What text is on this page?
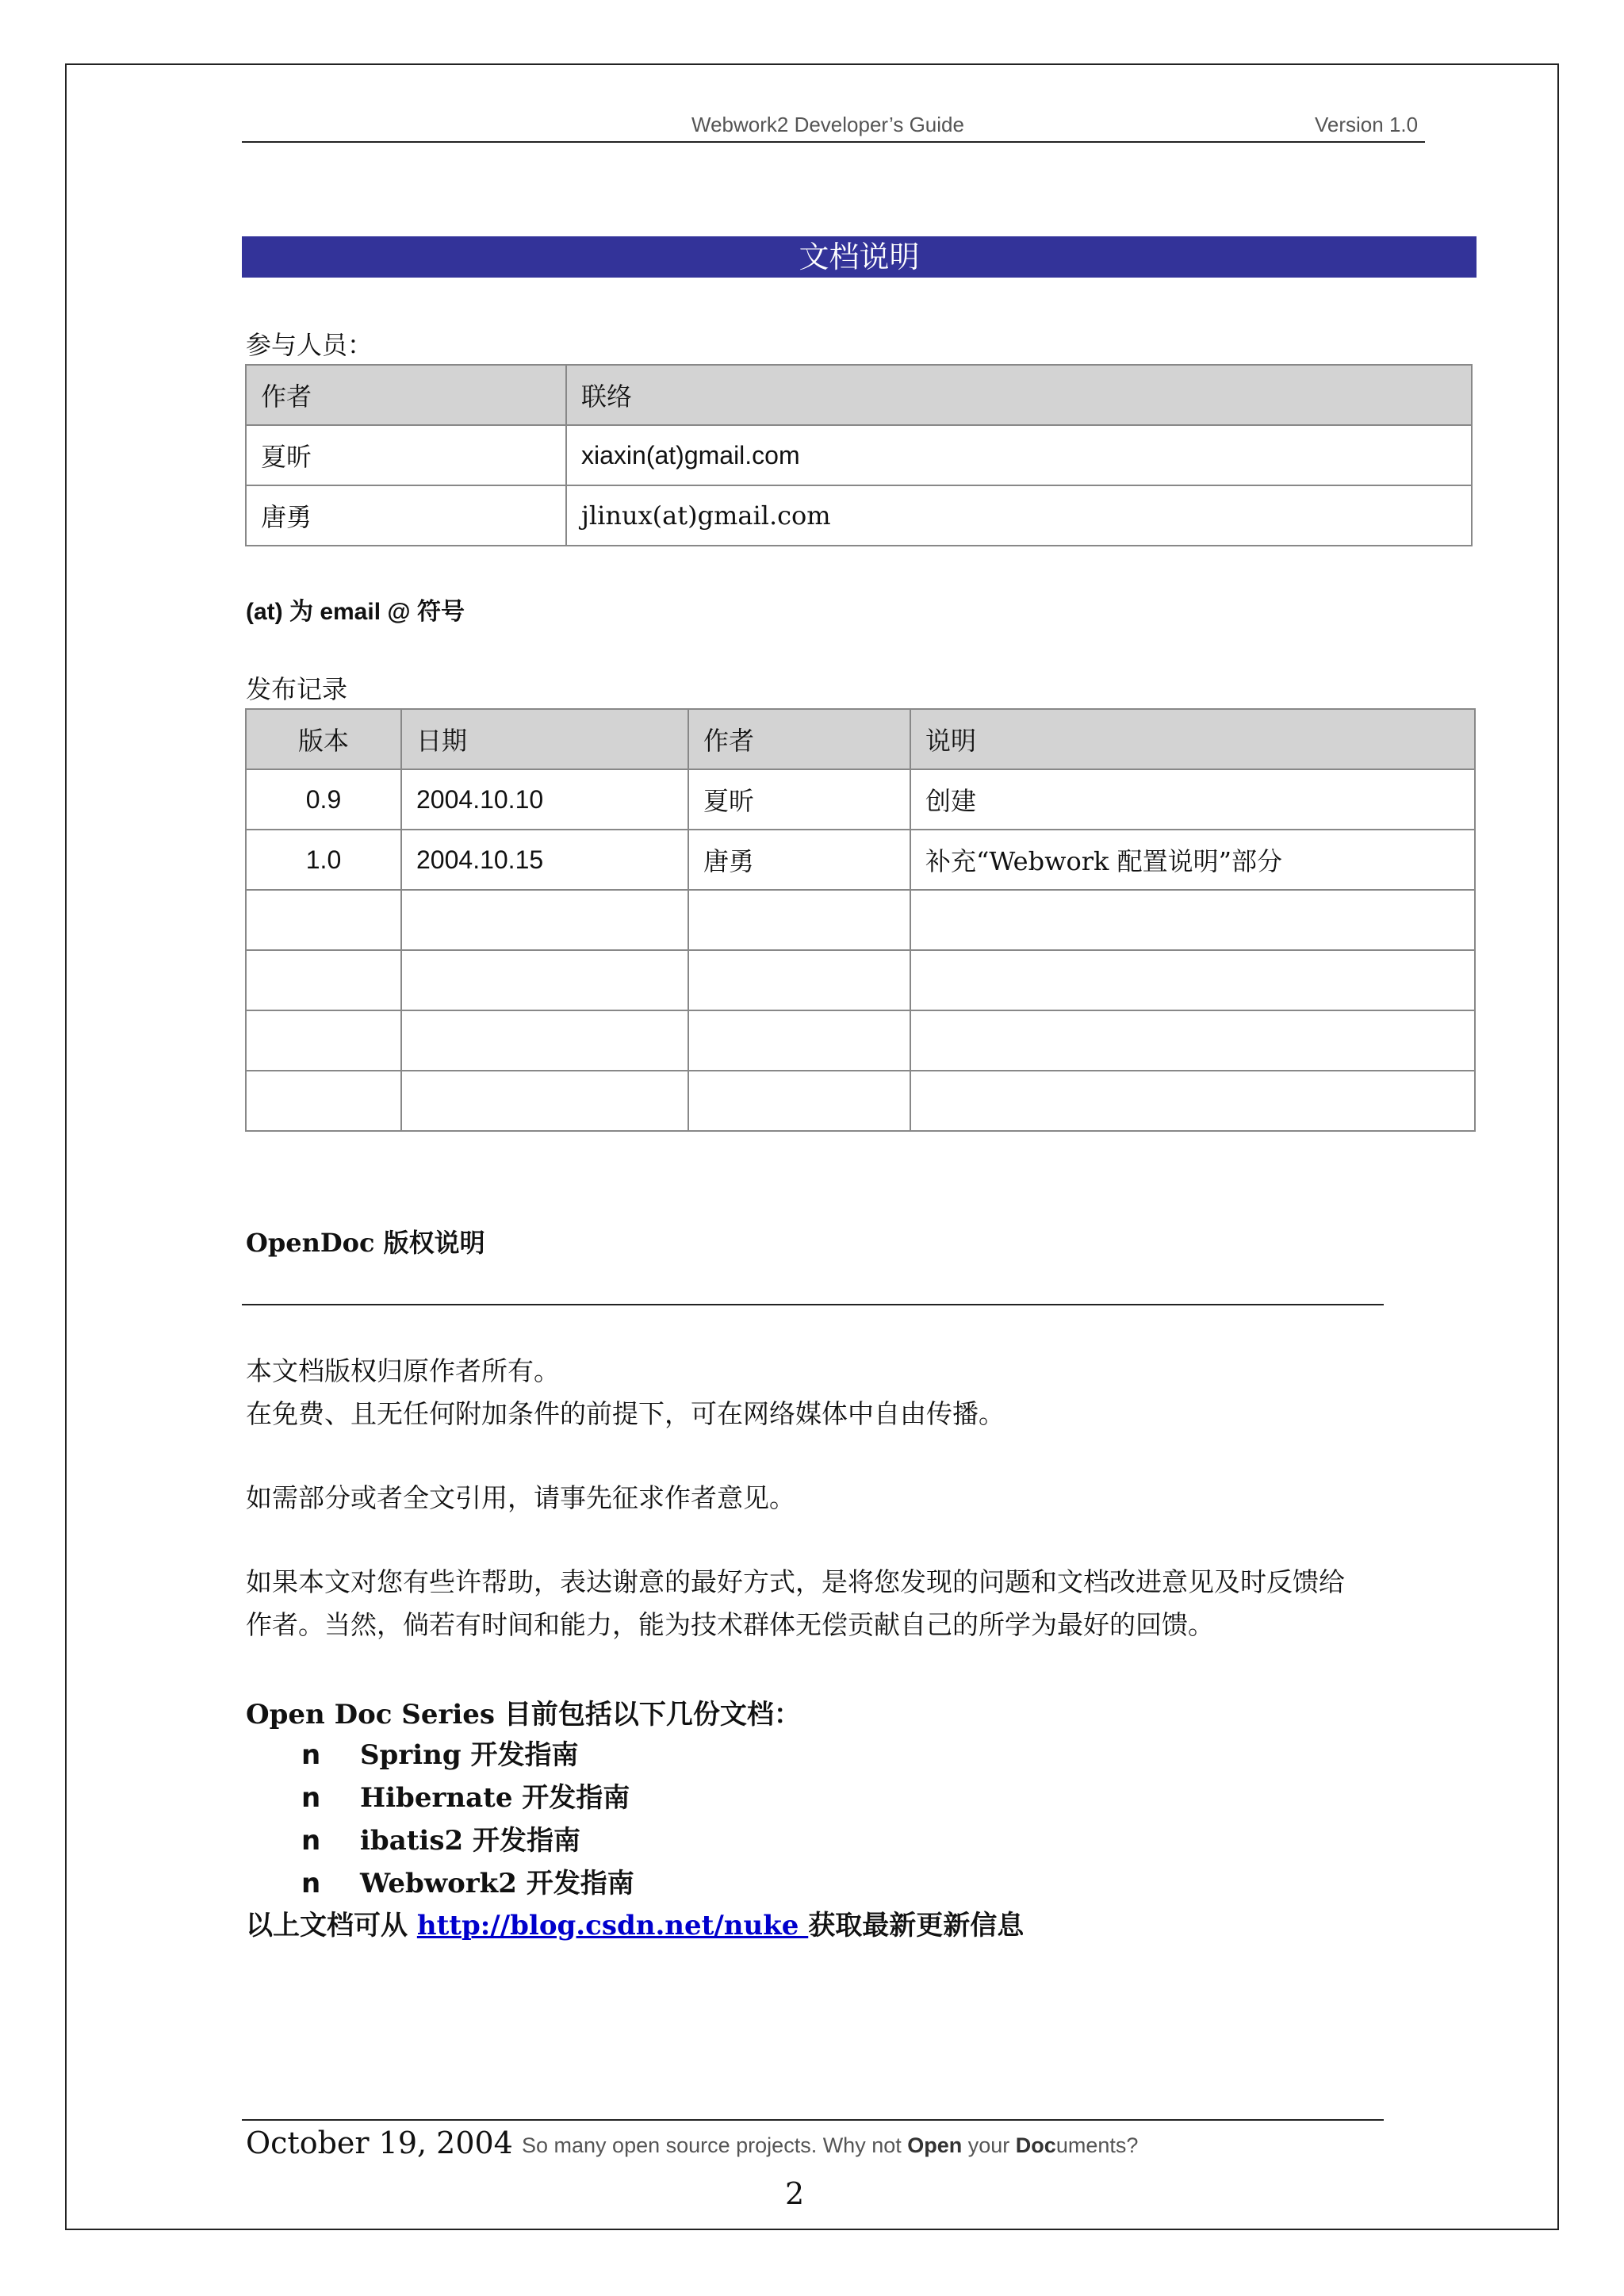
Webwork2 Developer’s Guide	Version 1.0
文档说明
参与人员：
作者	联络
夏昕	xiaxin(at)gmail.com
唐勇	jlinux(at)gmail.com
(at) 为 email @ 符号
发布记录
版本	日期	作者	说明
0.9	2004.10.10	夏昕	创建
1.0	2004.10.15	唐勇	补充“Webwork 配置说明”部分

OpenDoc 版权说明
本文档版权归原作者所有。
在免费、且无任何附加条件的前提下，可在网络媒体中自由传播。
如需部分或者全文引用，请事先征求作者意见。
如果本文对您有些许帮助，表达谢意的最好方式，是将您发现的问题和文档改进意见及时反馈给
作者。当然，倘若有时间和能力，能为技术群体无偿贡献自己的所学为最好的回馈。
Open Doc Series 目前包括以下几份文档：
n Spring 开发指南
n Hibernate 开发指南
n ibatis2 开发指南
n Webwork2 开发指南
以上文档可从 http://blog.csdn.net/nuke 获取最新更新信息
October 19, 2004 So many open source projects. Why not Open your Documents?
2
